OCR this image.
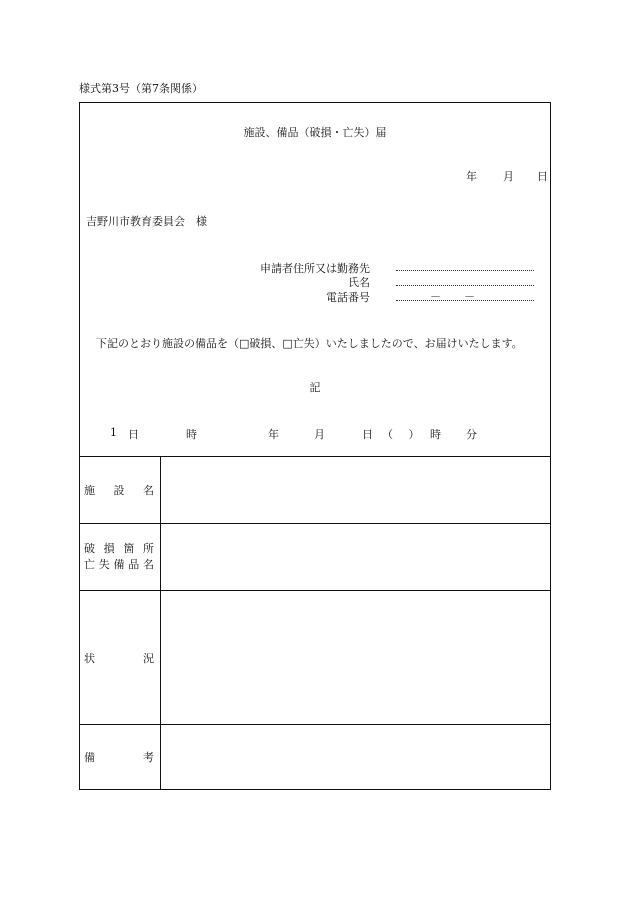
様式第3号（第7条関係）
施設、備品（破損・亡失）届
年 月 日
吉野川市教育委員会　様
申請者住所又は勤務先
氏名
電話番号	－　－
下記のとおり施設の備品を（□破損、□亡失）いたしましたので、お届けいたします。
記
1 日	時	年	月	日 （ ） 時 分
施 設 名
破 損 箇 所
亡 失 備 品 名
状	況
備	考
